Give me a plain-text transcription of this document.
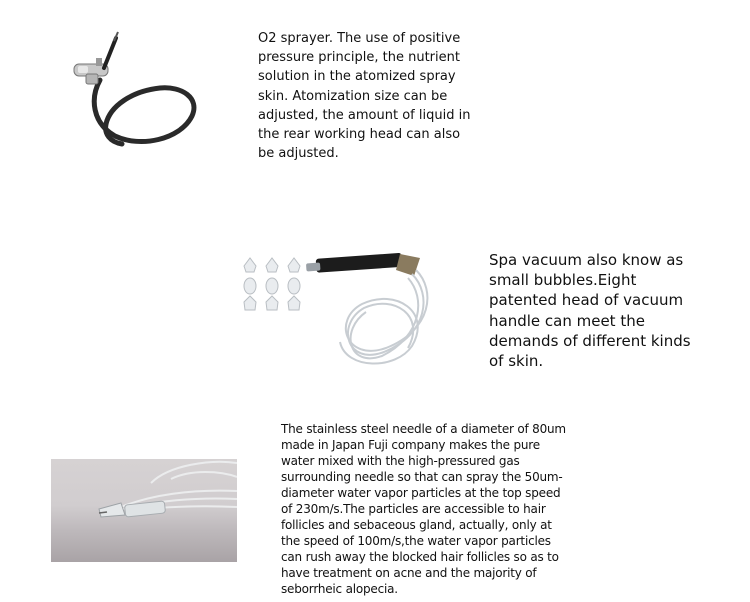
O2 sprayer. The use of positive pressure principle, the nutrient solution in the atomized spray skin. Atomization size can be adjusted, the amount of liquid in the rear working head can also be adjusted.

Spa vacuum also know as small bubbles.Eight patented head of vacuum handle can meet the demands of different kinds of skin.

The stainless steel needle of a diameter of 80um made in Japan Fuji company makes the pure water mixed with the high-pressured gas surrounding needle so that can spray the 50um-diameter water vapor particles at the top speed of 230m/s.The particles are accessible to hair follicles and sebaceous gland, actually, only at the speed of 100m/s,the water vapor particles can rush away the blocked hair follicles so as to have treatment on acne and the majority of seborrheic alopecia.
